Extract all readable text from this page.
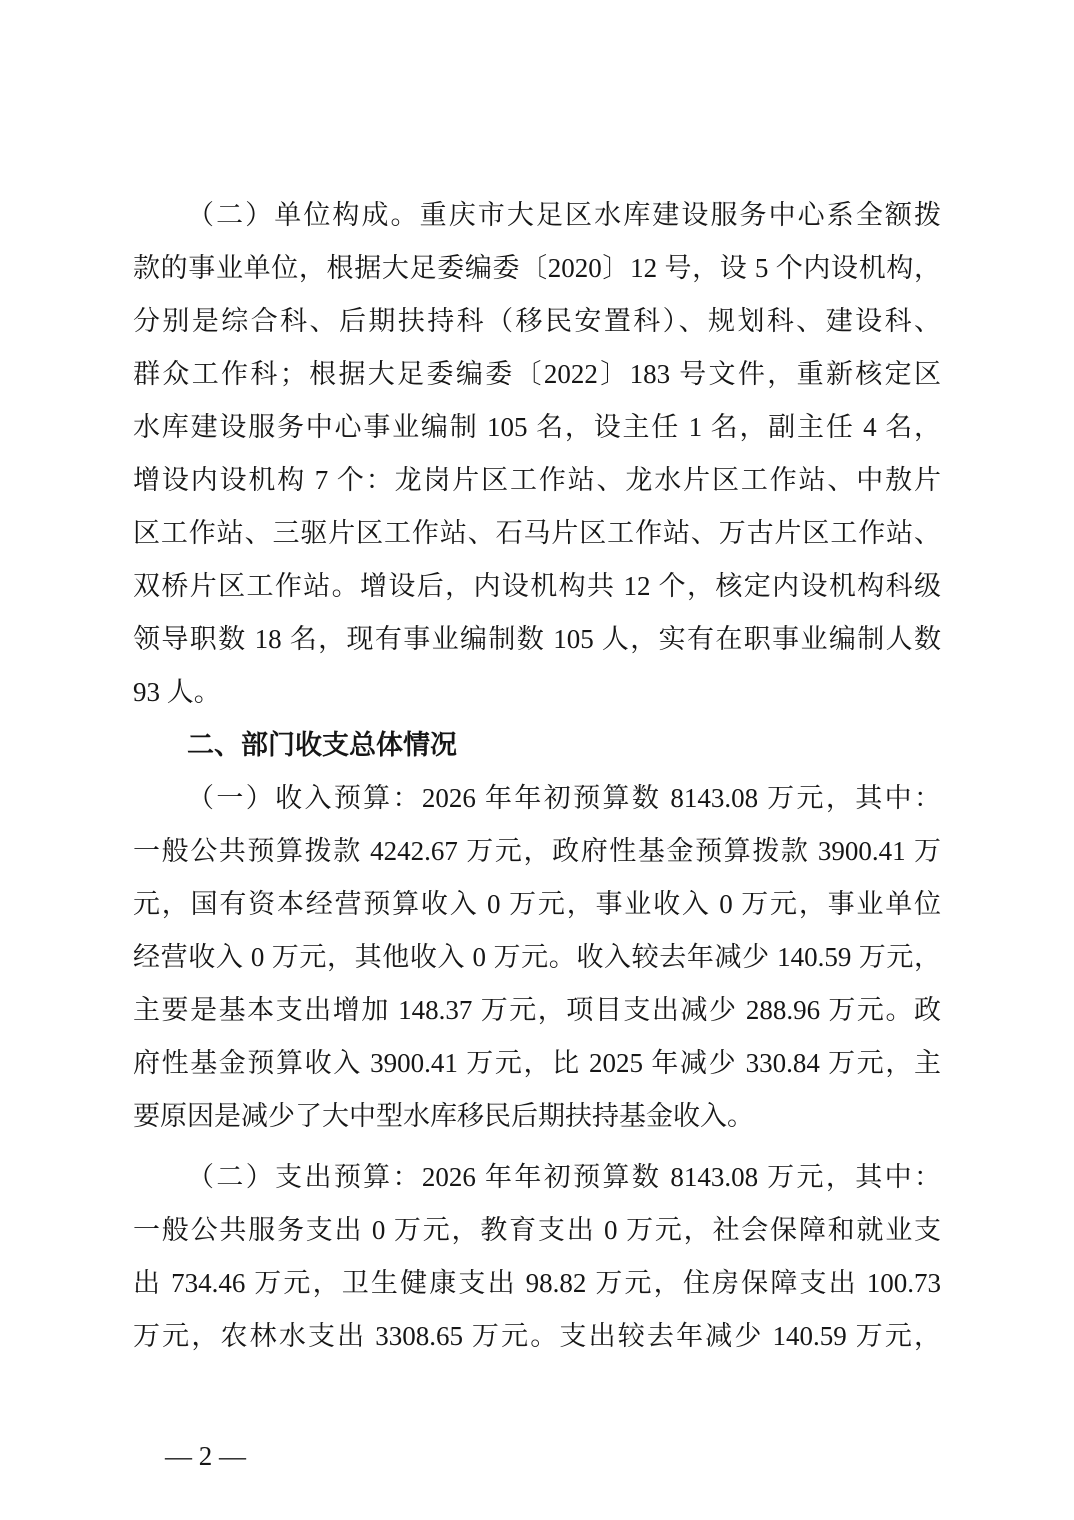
（二）单位构成。重庆市大足区水库建设服务中心系全额拨
款的事业单位，根据大足委编委〔2020〕12 号，设 5 个内设机构，
分别是综合科、后期扶持科（移民安置科）、规划科、建设科、
群众工作科；根据大足委编委〔2022〕183 号文件，重新核定区
水库建设服务中心事业编制 105 名，设主任 1 名，副主任 4 名，
增设内设机构 7 个：龙岗片区工作站、龙水片区工作站、中敖片
区工作站、三驱片区工作站、石马片区工作站、万古片区工作站、
双桥片区工作站。增设后，内设机构共 12 个，核定内设机构科级
领导职数 18 名，现有事业编制数 105 人，实有在职事业编制人数
93 人。
二、部门收支总体情况
（一）收入预算：2026 年年初预算数 8143.08 万元，其中：
一般公共预算拨款 4242.67 万元，政府性基金预算拨款 3900.41 万
元，国有资本经营预算收入 0 万元，事业收入 0 万元，事业单位
经营收入 0 万元，其他收入 0 万元。收入较去年减少 140.59 万元，
主要是基本支出增加 148.37 万元，项目支出减少 288.96 万元。政
府性基金预算收入 3900.41 万元，比 2025 年减少 330.84 万元，主
要原因是减少了大中型水库移民后期扶持基金收入。
（二）支出预算：2026 年年初预算数 8143.08 万元，其中：
一般公共服务支出 0 万元，教育支出 0 万元，社会保障和就业支
出 734.46 万元，卫生健康支出 98.82 万元，住房保障支出 100.73
万元，农林水支出 3308.65 万元。支出较去年减少 140.59 万元，
— 2 —
